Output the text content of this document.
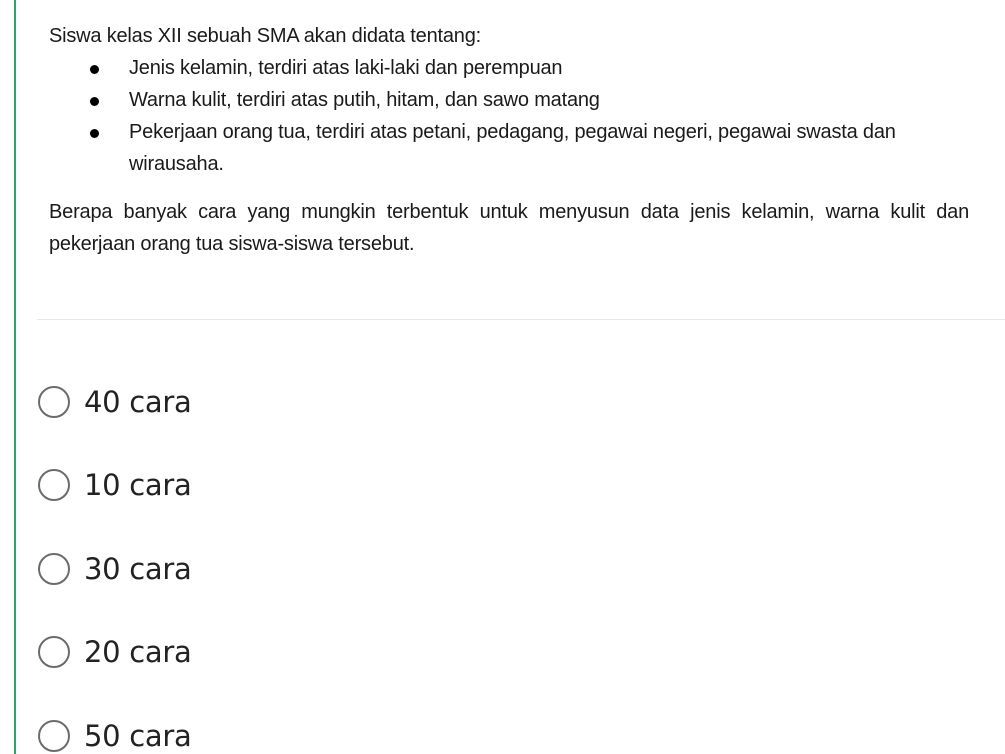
Siswa kelas XII sebuah SMA akan didata tentang:

Jenis kelamin, terdiri atas laki-laki dan perempuan
Warna kulit, terdiri atas putih, hitam, dan sawo matang
Pekerjaan orang tua, terdiri atas petani, pedagang, pegawai negeri, pegawai swasta dan wirausaha.

Berapa banyak cara yang mungkin terbentuk untuk menyusun data jenis kelamin, warna kulit dan pekerjaan orang tua siswa-siswa tersebut.

40 cara
10 cara
30 cara
20 cara
50 cara
